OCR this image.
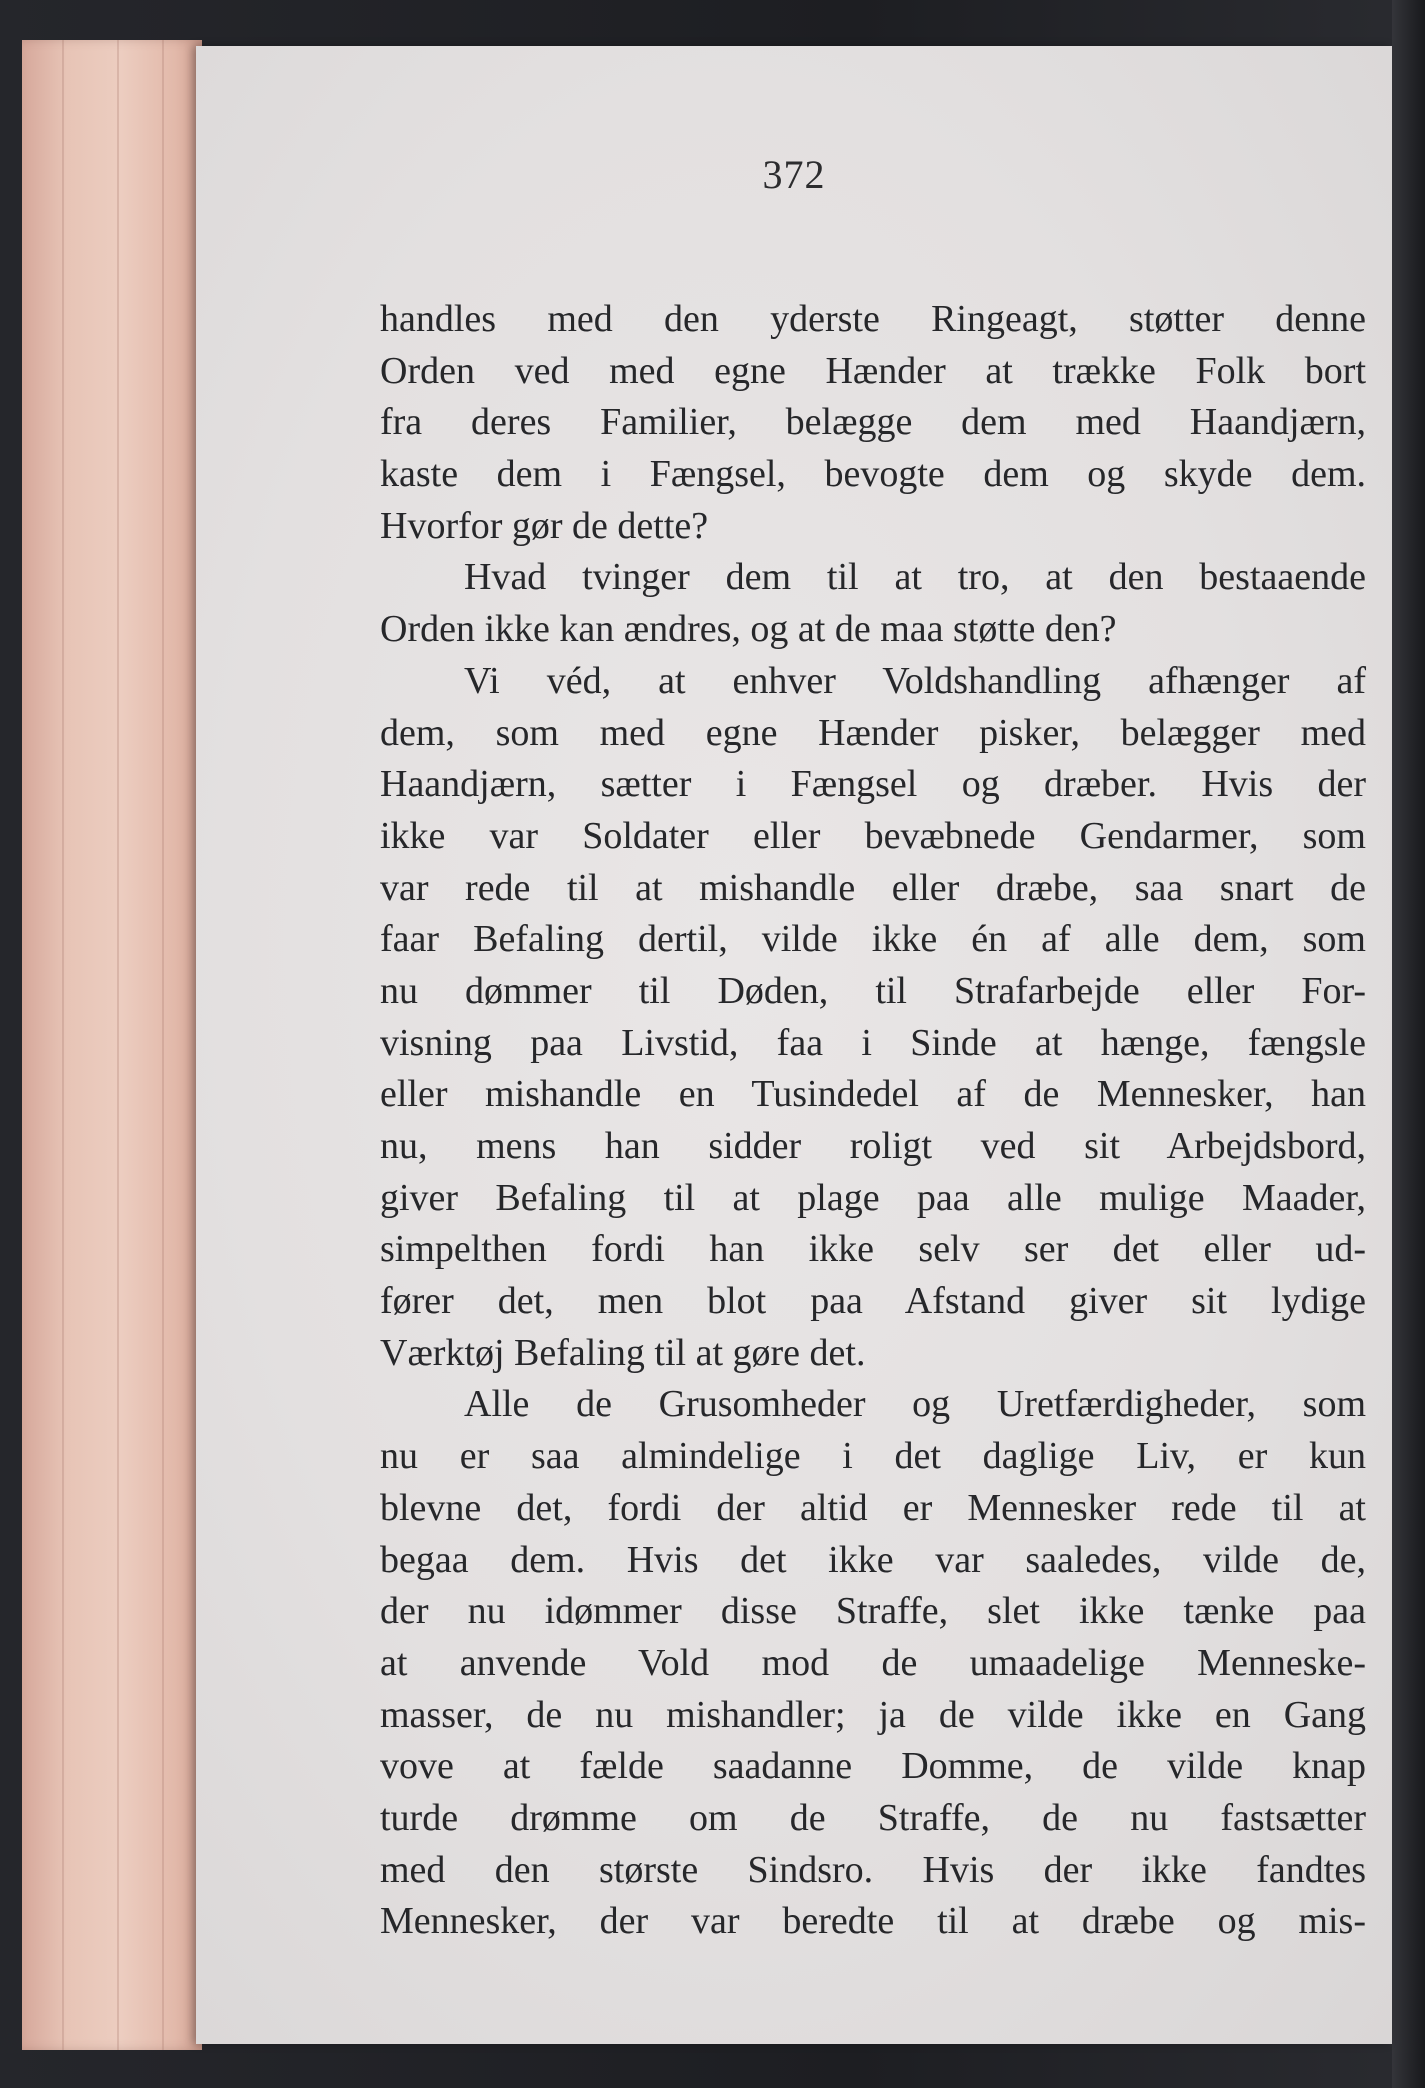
372
handles med den yderste Ringeagt, støtter denne
Orden ved med egne Hænder at trække Folk bort
fra deres Familier, belægge dem med Haandjærn,
kaste dem i Fængsel, bevogte dem og skyde dem.
Hvorfor gør de dette?
Hvad tvinger dem til at tro, at den bestaaende
Orden ikke kan ændres, og at de maa støtte den?
Vi véd, at enhver Voldshandling afhænger af
dem, som med egne Hænder pisker, belægger med
Haandjærn, sætter i Fængsel og dræber. Hvis der
ikke var Soldater eller bevæbnede Gendarmer, som
var rede til at mishandle eller dræbe, saa snart de
faar Befaling dertil, vilde ikke én af alle dem, som
nu dømmer til Døden, til Strafarbejde eller For-
visning paa Livstid, faa i Sinde at hænge, fængsle
eller mishandle en Tusindedel af de Mennesker, han
nu, mens han sidder roligt ved sit Arbejdsbord,
giver Befaling til at plage paa alle mulige Maader,
simpelthen fordi han ikke selv ser det eller ud-
fører det, men blot paa Afstand giver sit lydige
Værktøj Befaling til at gøre det.
Alle de Grusomheder og Uretfærdigheder, som
nu er saa almindelige i det daglige Liv, er kun
blevne det, fordi der altid er Mennesker rede til at
begaa dem. Hvis det ikke var saaledes, vilde de,
der nu idømmer disse Straffe, slet ikke tænke paa
at anvende Vold mod de umaadelige Menneske-
masser, de nu mishandler; ja de vilde ikke en Gang
vove at fælde saadanne Domme, de vilde knap
turde drømme om de Straffe, de nu fastsætter
med den største Sindsro. Hvis der ikke fandtes
Mennesker, der var beredte til at dræbe og mis-
